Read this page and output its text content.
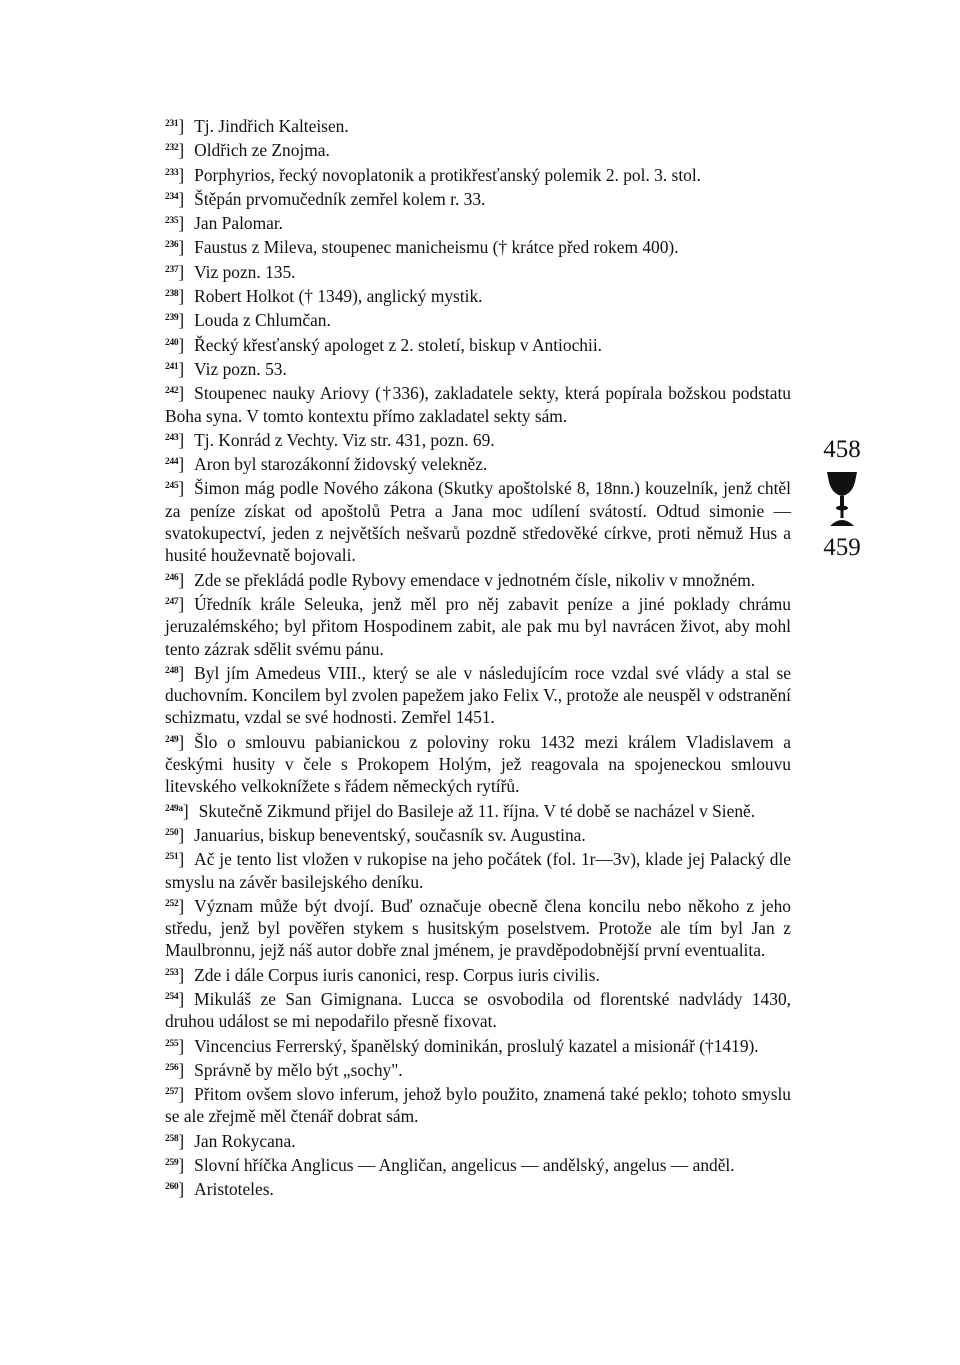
$^{231}$] Tj. Jindřich Kalteisen.

$^{232}$] Oldřich ze Znojma.

$^{233}$] Porphyrios, řecký novoplatonik a protikřesťanský polemik 2. pol. 3. stol.

$^{234}$] Štěpán prvomučedník zemřel kolem r. 33.

$^{235}$] Jan Palomar.

$^{236}$] Faustus z Mileva, stoupenec manicheismu († krátce před rokem 400).

$^{237}$] Viz pozn. 135.

$^{238}$] Robert Holkot († 1349), anglický mystik.

$^{239}$] Louda z Chlumčan.

$^{240}$] Řecký křesťanský apologet z 2. století, biskup v Antiochii.

$^{241}$] Viz pozn. 53.

$^{242}$] Stoupenec nauky Ariovy (†336), zakladatele sekty, která popírala božskou podstatu Boha syna. V tomto kontextu přímo zakladatel sekty sám.

$^{243}$] Tj. Konrád z Vechty. Viz str. 431, pozn. 69.

$^{244}$] Aron byl starozákonní židovský velekněz.

$^{245}$] Šimon mág podle Nového zákona (Skutky apoštolské 8, 18nn.) kouzelník, jenž chtěl za peníze získat od apoštolů Petra a Jana moc udílení svátostí. Odtud simonie — svatokupectví, jeden z největších nešvarů pozdně středověké církve, proti němuž Hus a husité houževnatě bojovali.

$^{246}$] Zde se překládá podle Rybovy emendace v jednotném čísle, nikoliv v množném.

$^{247}$] Úředník krále Seleuka, jenž měl pro něj zabavit peníze a jiné poklady chrámu jeruzalémského; byl přitom Hospodinem zabit, ale pak mu byl navrácen život, aby mohl tento zázrak sdělit svému pánu.

$^{248}$] Byl jím Amedeus VIII., který se ale v následujícím roce vzdal své vlády a stal se duchovním. Koncilem byl zvolen papežem jako Felix V., protože ale neuspěl v odstranění schizmatu, vzdal se své hodnosti. Zemřel 1451.

$^{249}$] Šlo o smlouvu pabianickou z poloviny roku 1432 mezi králem Vladislavem a českými husity v čele s Prokopem Holým, jež reagovala na spojeneckou smlouvu litevského velkoknížete s řádem německých rytířů.

$^{249a}$] Skutečně Zikmund přijel do Basileje až 11. října. V té době se nacházel v Sieně.

$^{250}$] Januarius, biskup beneventský, současník sv. Augustina.

$^{251}$] Ač je tento list vložen v rukopise na jeho počátek (fol. 1r—3v), klade jej Palacký dle smyslu na závěr basilejského deníku.

$^{252}$] Význam může být dvojí. Buď označuje obecně člena koncilu nebo někoho z jeho středu, jenž byl pověřen stykem s husitským poselstvem. Protože ale tím byl Jan z Maulbronnu, jejž náš autor dobře znal jménem, je pravděpodobnější první eventualita.

$^{253}$] Zde i dále Corpus iuris canonici, resp. Corpus iuris civilis.

$^{254}$] Mikuláš ze San Gimignana. Lucca se osvobodila od florentské nadvlády 1430, druhou událost se mi nepodařilo přesně fixovat.

$^{255}$] Vincencius Ferrerský, španělský dominikán, proslulý kazatel a misionář (†1419).

$^{256}$] Správně by mělo být „sochy".

$^{257}$] Přitom ovšem slovo inferum, jehož bylo použito, znamená také peklo; tohoto smyslu se ale zřejmě měl čtenář dobrat sám.

$^{258}$] Jan Rokycana.

$^{259}$] Slovní hříčka Anglicus — Angličan, angelicus — andělský, angelus — anděl.

$^{260}$] Aristoteles.

458
459
